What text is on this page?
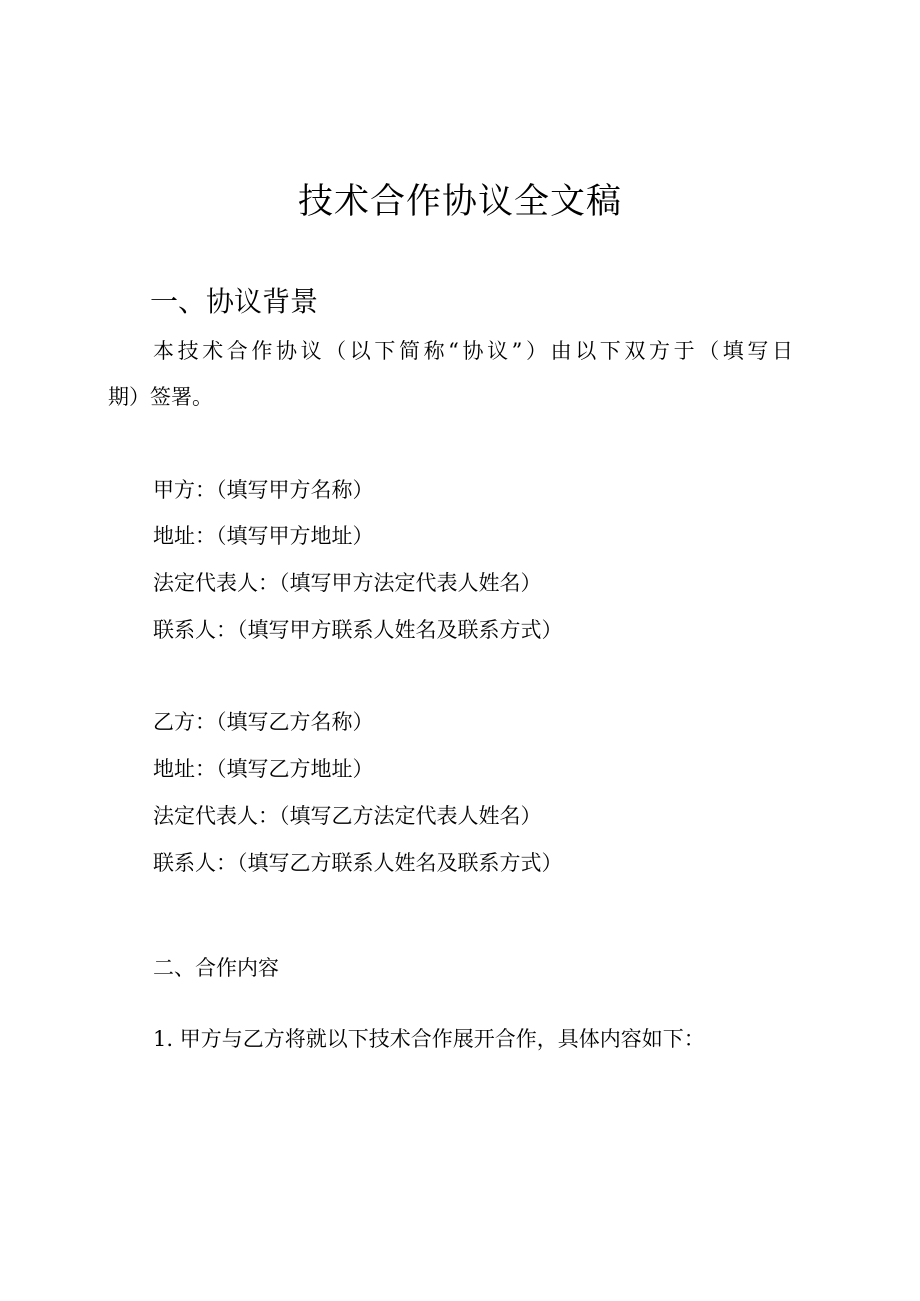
技术合作协议全文稿
一、协议背景
本技术合作协议（以下简称“协议”）由以下双方于（填写日
期）签署。
甲方：（填写甲方名称）
地址：（填写甲方地址）
法定代表人：（填写甲方法定代表人姓名）
联系人：（填写甲方联系人姓名及联系方式）
乙方：（填写乙方名称）
地址：（填写乙方地址）
法定代表人：（填写乙方法定代表人姓名）
联系人：（填写乙方联系人姓名及联系方式）
二、合作内容
1. 甲方与乙方将就以下技术合作展开合作，具体内容如下：
